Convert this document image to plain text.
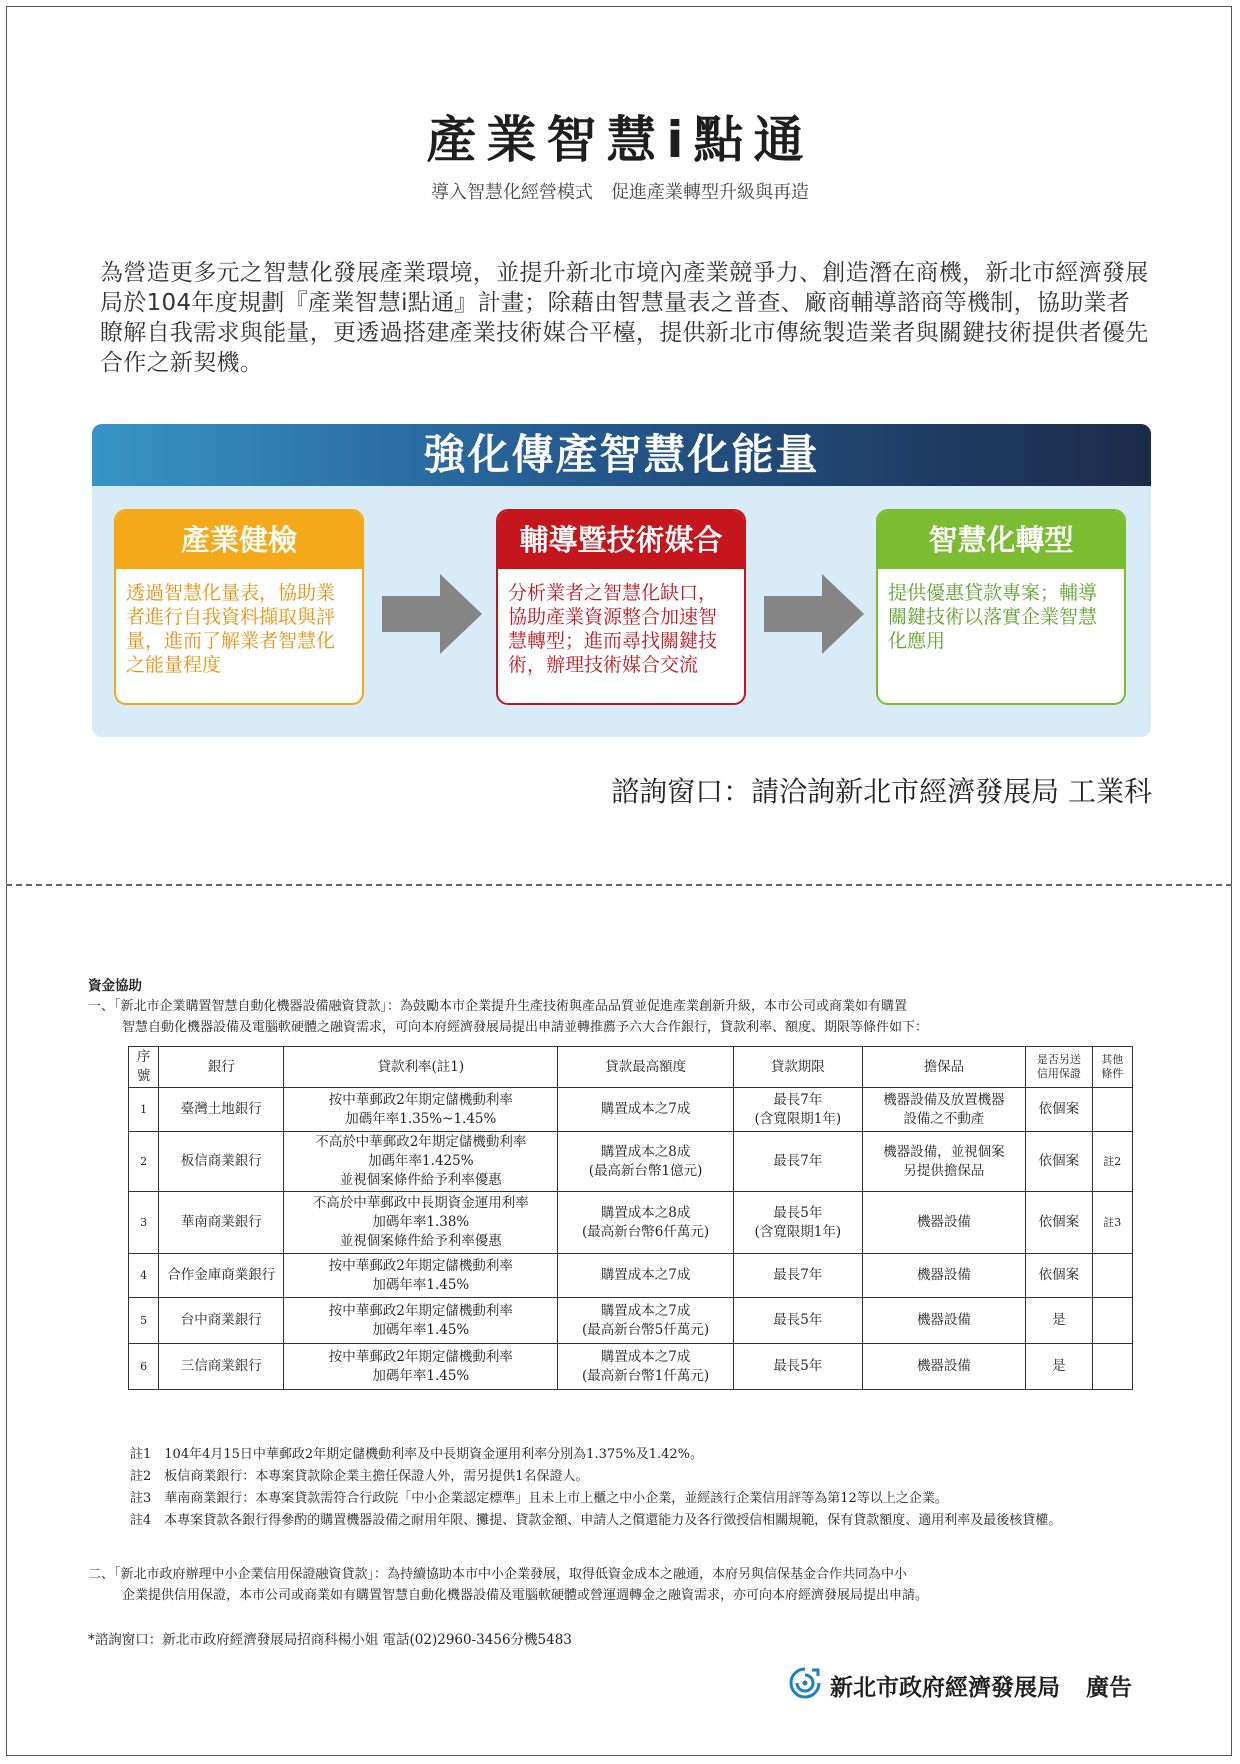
產業智慧i點通

導入智慧化經營模式　促進產業轉型升級與再造

為營造更多元之智慧化發展產業環境，並提升新北市境內產業競爭力、創造潛在商機，新北市經濟發展局於104年度規劃『產業智慧i點通』計畫；除藉由智慧量表之普查、廠商輔導諮商等機制，協助業者瞭解自我需求與能量，更透過搭建產業技術媒合平檯，提供新北市傳統製造業者與關鍵技術提供者優先合作之新契機。

強化傳產智慧化能量
產業健檢
透過智慧化量表，協助業者進行自我資料擷取與評量，進而了解業者智慧化之能量程度
輔導暨技術媒合
分析業者之智慧化缺口，協助產業資源整合加速智慧轉型；進而尋找關鍵技術，辦理技術媒合交流
智慧化轉型
提供優惠貸款專案；輔導關鍵技術以落實企業智慧化應用

諮詢窗口：請洽詢新北市經濟發展局 工業科

資金協助

一、「新北市企業購置智慧自動化機器設備融資貸款」：為鼓勵本市企業提升生產技術與產品品質並促進產業創新升級，本市公司或商業如有購置
智慧自動化機器設備及電腦軟硬體之融資需求，可向本府經濟發展局提出申請並轉推薦予六大合作銀行，貸款利率、額度、期限等條件如下：

序號	銀行	貸款利率(註1)	貸款最高額度	貸款期限	擔保品	是否另送
信用保證	其他
條件
1	臺灣土地銀行	按中華郵政2年期定儲機動利率
加碼年率1.35%~1.45%	購置成本之7成	最長7年
(含寬限期1年)	機器設備及放置機器
設備之不動產	依個案	
2	板信商業銀行	不高於中華郵政2年期定儲機動利率
加碼年率1.425%
並視個案條件給予利率優惠	購置成本之8成
(最高新台幣1億元)	最長7年	機器設備，並視個案
另提供擔保品	依個案	註2
3	華南商業銀行	不高於中華郵政中長期資金運用利率
加碼年率1.38%
並視個案條件給予利率優惠	購置成本之8成
(最高新台幣6仟萬元)	最長5年
(含寬限期1年)	機器設備	依個案	註3
4	合作金庫商業銀行	按中華郵政2年期定儲機動利率
加碼年率1.45%	購置成本之7成	最長7年	機器設備	依個案	
5	台中商業銀行	按中華郵政2年期定儲機動利率
加碼年率1.45%	購置成本之7成
(最高新台幣5仟萬元)	最長5年	機器設備	是	
6	三信商業銀行	按中華郵政2年期定儲機動利率
加碼年率1.45%	購置成本之7成
(最高新台幣1仟萬元)	最長5年	機器設備	是	
註1　104年4月15日中華郵政2年期定儲機動利率及中長期資金運用利率分別為1.375%及1.42%。
註2　板信商業銀行：本專案貸款除企業主擔任保證人外，需另提供1名保證人。
註3　華南商業銀行：本專案貸款需符合行政院「中小企業認定標準」且未上市上櫃之中小企業，並經該行企業信用評等為第12等以上之企業。
註4　本專案貸款各銀行得參酌的購置機器設備之耐用年限、攤提、貸款金額、申請人之償還能力及各行徵授信相關規範，保有貸款額度、適用利率及最後核貸權。

二、「新北市政府辦理中小企業信用保證融資貸款」：為持續協助本市中小企業發展，取得低資金成本之融通，本府另與信保基金合作共同為中小
企業提供信用保證，本市公司或商業如有購置智慧自動化機器設備及電腦軟硬體或營運週轉金之融資需求，亦可向本府經濟發展局提出申請。

*諮詢窗口：新北市政府經濟發展局招商科楊小姐 電話(02)2960-3456分機5483

新北市政府經濟發展局 廣告
